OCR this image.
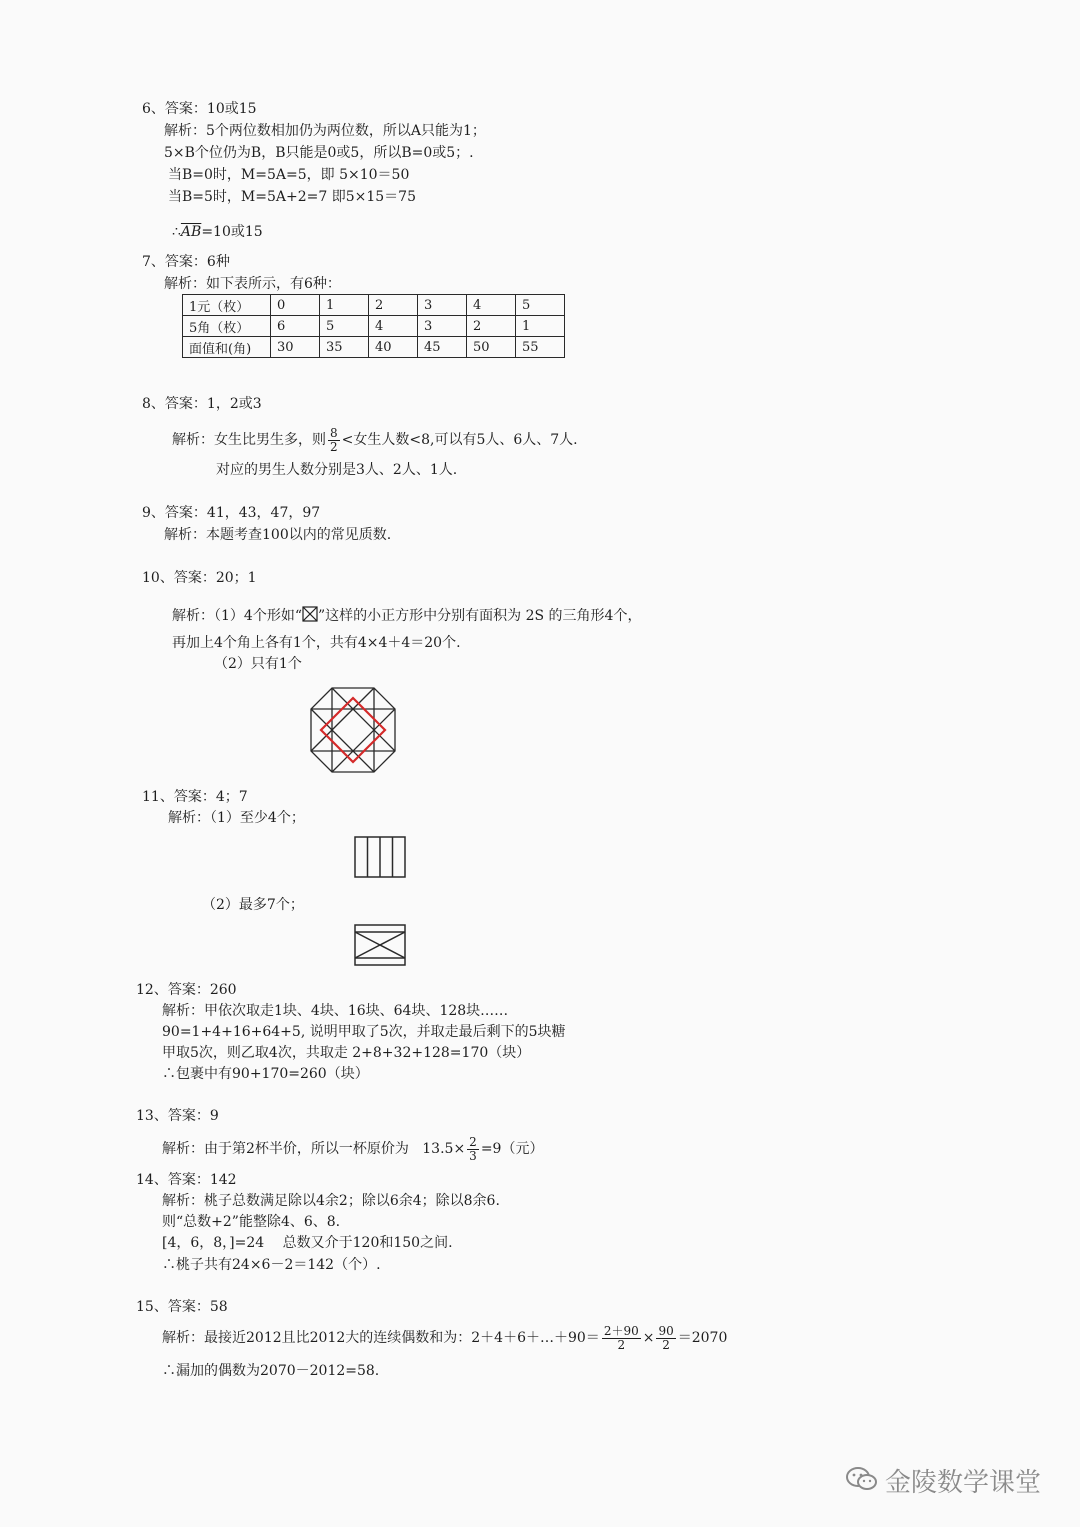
6、答案：10或15
解析：5个两位数相加仍为两位数，所以A只能为1；
5×B个位仍为B，B只能是0或5，所以B=0或5；.
当B=0时，M=5A=5，即 5×10＝50
当B=5时，M=5A+2=7 即5×15＝75
$\therefore\overline{AB}=10$或15
7、答案：6种
解析：如下表所示，有6种：
1元（枚）	0	1	2	3	4	5
5角（枚）	6	5	4	3	2	1
面值和(角)	30	35	40	45	50	55
8、答案：1，2或3
解析：女生比男生多，则 $\frac{8}{2}$ <女生人数<8,可以有5人、6人、7人.
对应的男生人数分别是3人、2人、1人.
9、答案：41，43，47，97
解析：本题考查100以内的常见质数.
10、答案：20；1
解析：（1）4个形如“ ”这样的小正方形中分别有面积为 2S 的三角形4个，
再加上4个角上各有1个，共有4×4＋4＝20个.
（2）只有1个
11、答案：4；7
解析：（1）至少4个；
（2）最多7个；
12、答案：260
解析：甲依次取走1块、4块、16块、64块、128块……
90=1+4+16+64+5, 说明甲取了5次，并取走最后剩下的5块糖
甲取5次，则乙取4次，共取走 2+8+32+128=170（块）
∴包裹中有90+170=260（块）
13、答案：9
解析：由于第2杯半价，所以一杯原价为 $13.5\times \frac{2}{3} =9$（元）
14、答案：142
解析：桃子总数满足除以4余2；除以6余4；除以8余6.
则“总数+2”能整除4、6、8.
[4，6，8，]=24　 总数又介于120和150之间.
∴桃子共有24×6－2＝142（个）.
15、答案：58
解析：最接近2012且比2012大的连续偶数和为：2＋4＋6＋…＋90＝ $\frac{2+90}{2} \times \frac{90}{2} =2070$
∴漏加的偶数为2070－2012=58.
金陵数学课堂
